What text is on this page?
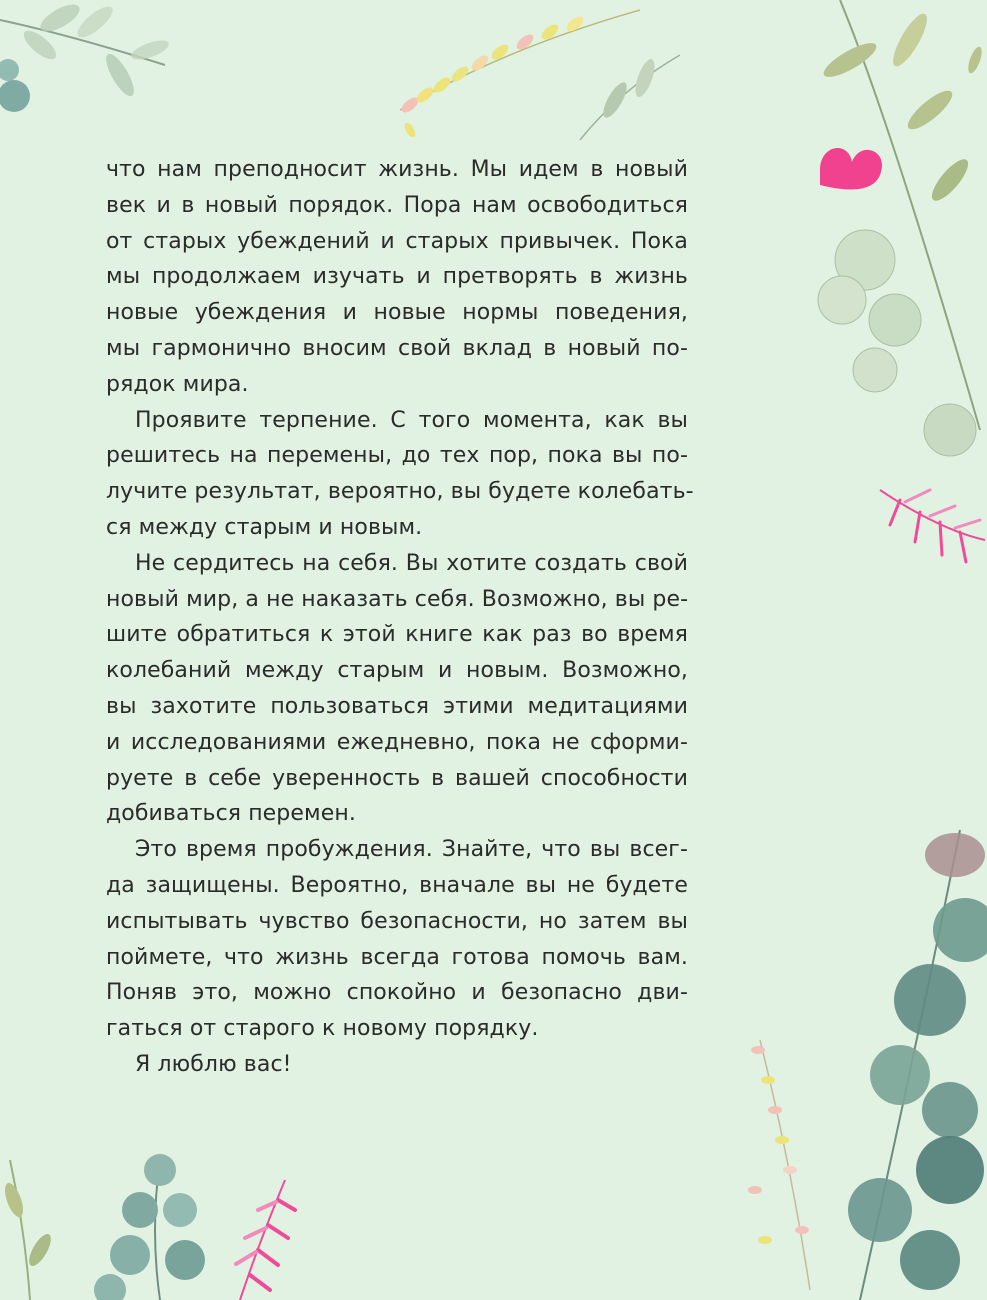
что нам преподносит жизнь. Мы идем в новый
век и в новый порядок. Пора нам освободиться
от старых убеждений и старых привычек. Пока
мы продолжаем изучать и претворять в жизнь
новые убеждения и новые нормы поведения,
мы гармонично вносим свой вклад в новый по-
рядок мира.
Проявите терпение. С того момента, как вы
решитесь на перемены, до тех пор, пока вы по-
лучите результат, вероятно, вы будете колебать-
ся между старым и новым.
Не сердитесь на себя. Вы хотите создать свой
новый мир, а не наказать себя. Возможно, вы ре-
шите обратиться к этой книге как раз во время
колебаний между старым и новым. Возможно,
вы захотите пользоваться этими медитациями
и исследованиями ежедневно, пока не сформи-
руете в себе уверенность в вашей способности
добиваться перемен.
Это время пробуждения. Знайте, что вы всег-
да защищены. Вероятно, вначале вы не будете
испытывать чувство безопасности, но затем вы
поймете, что жизнь всегда готова помочь вам.
Поняв это, можно спокойно и безопасно дви-
гаться от старого к новому порядку.
Я люблю вас!
